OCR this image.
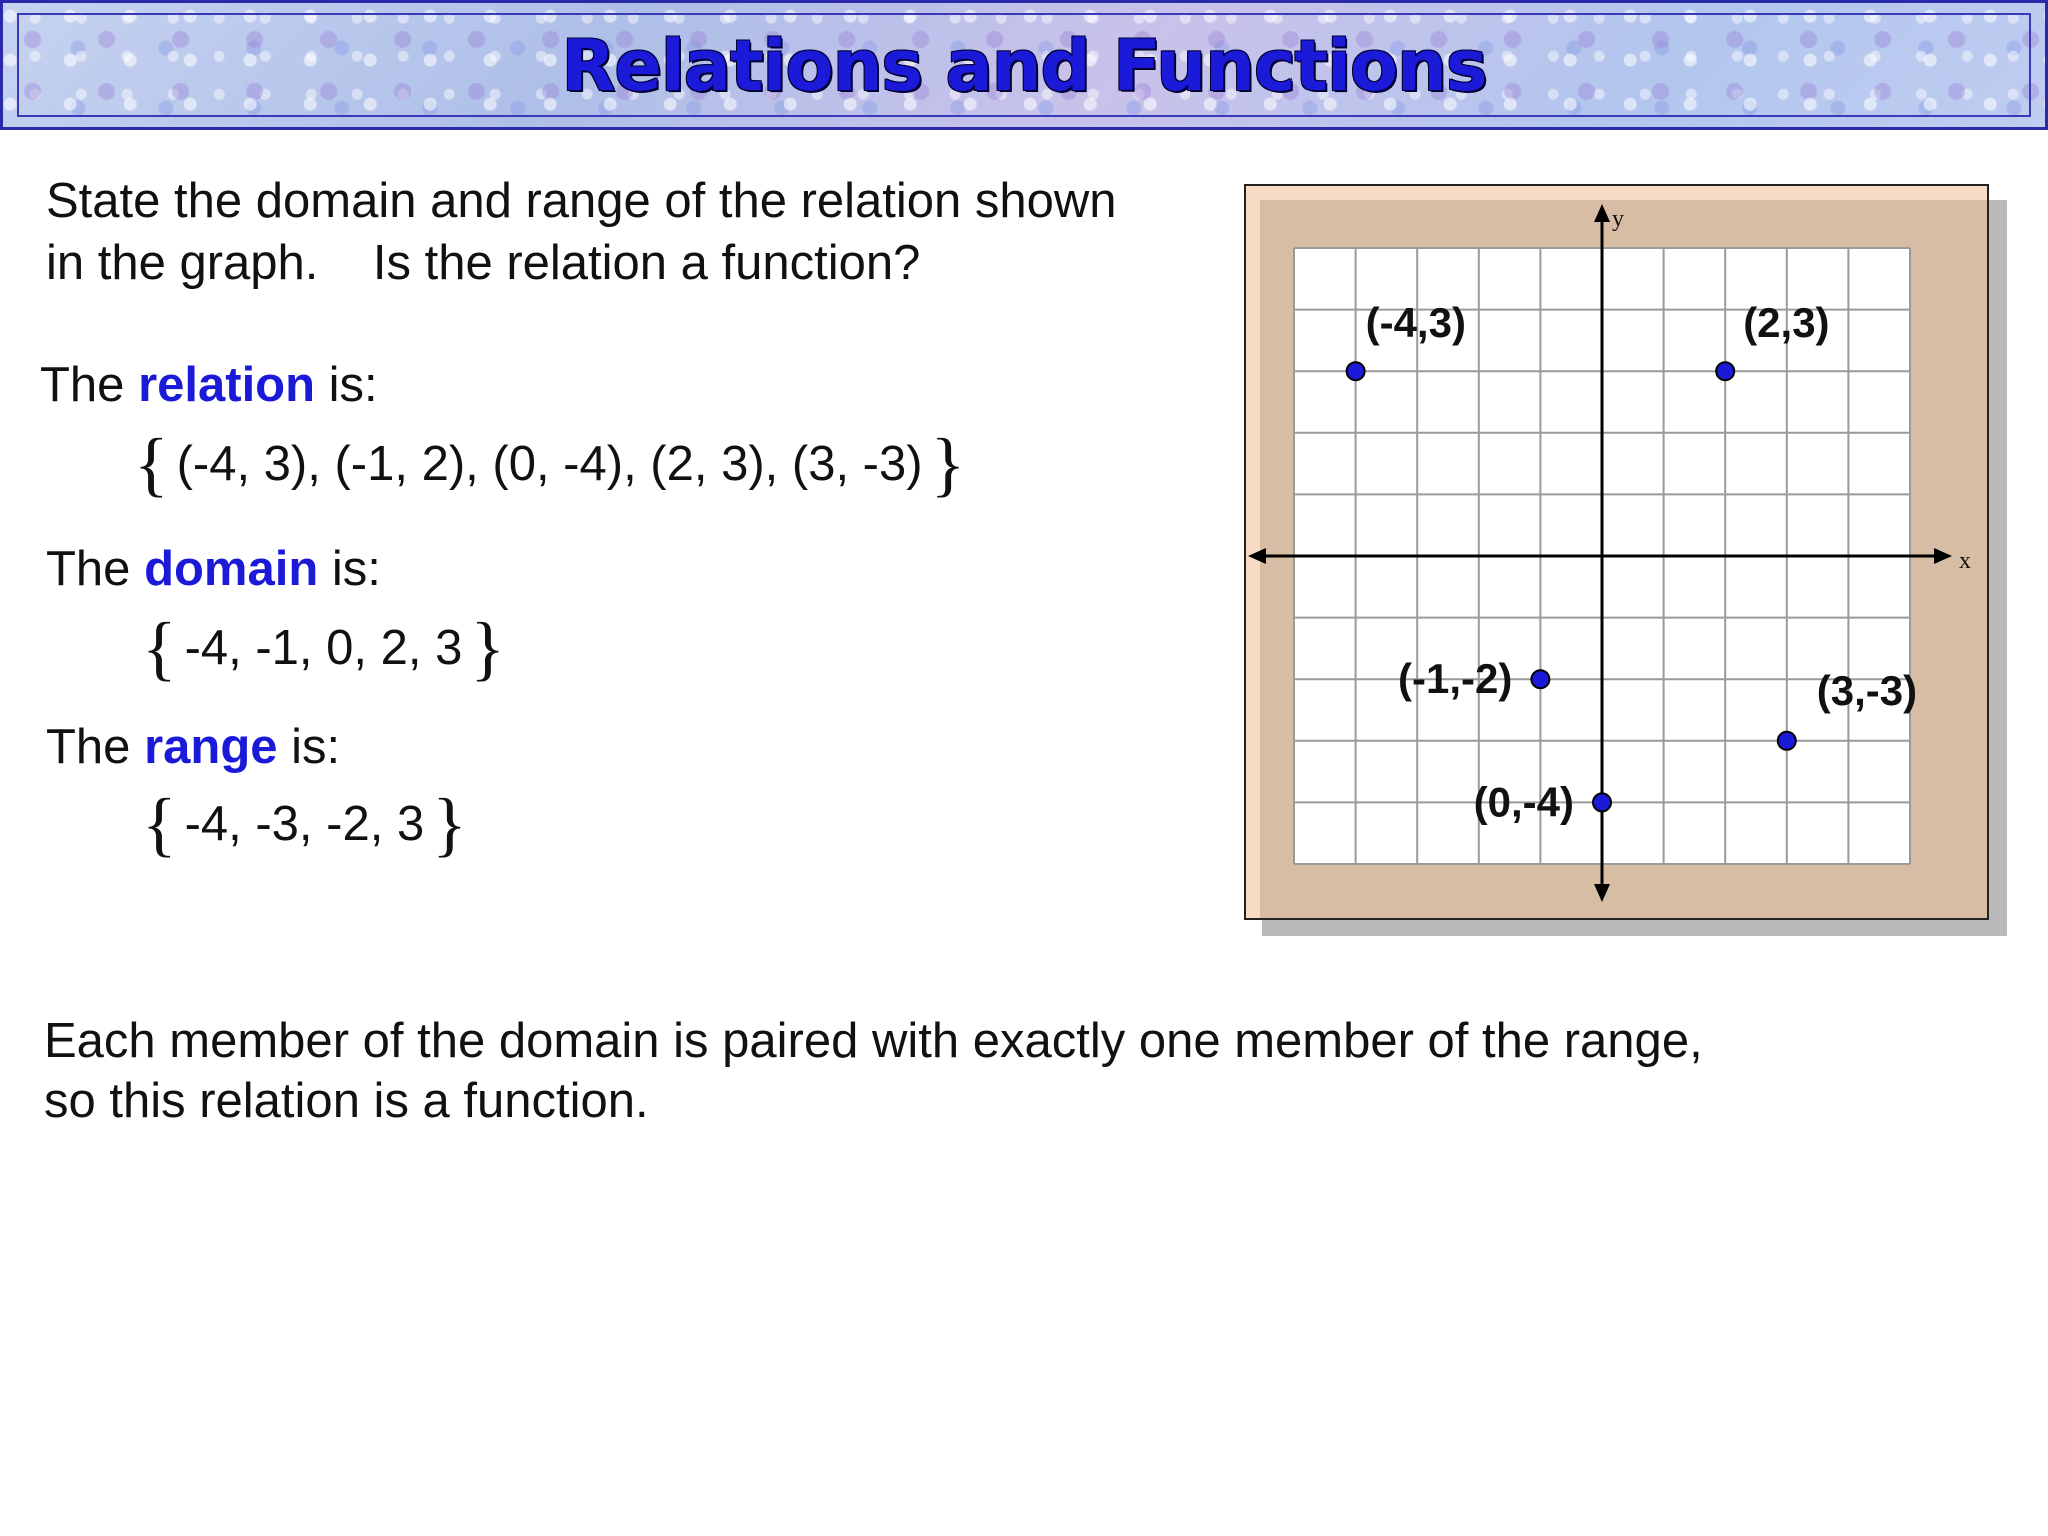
Relations and Functions
State the domain and range of the relation shown
in the graph.    Is the relation a function?
The relation is:
{ (-4, 3), (-1, 2), (0, -4), (2, 3), (3, -3) }
The domain is:
{ -4, -1, 0, 2, 3 }
The range is:
{ -4, -3, -2, 3 }
x
y
(-4,3)	(2,3)
(-1,-2)	(3,-3)
(0,-4)
Each member of the domain is paired with exactly one member of the range,
so this relation is a function.
